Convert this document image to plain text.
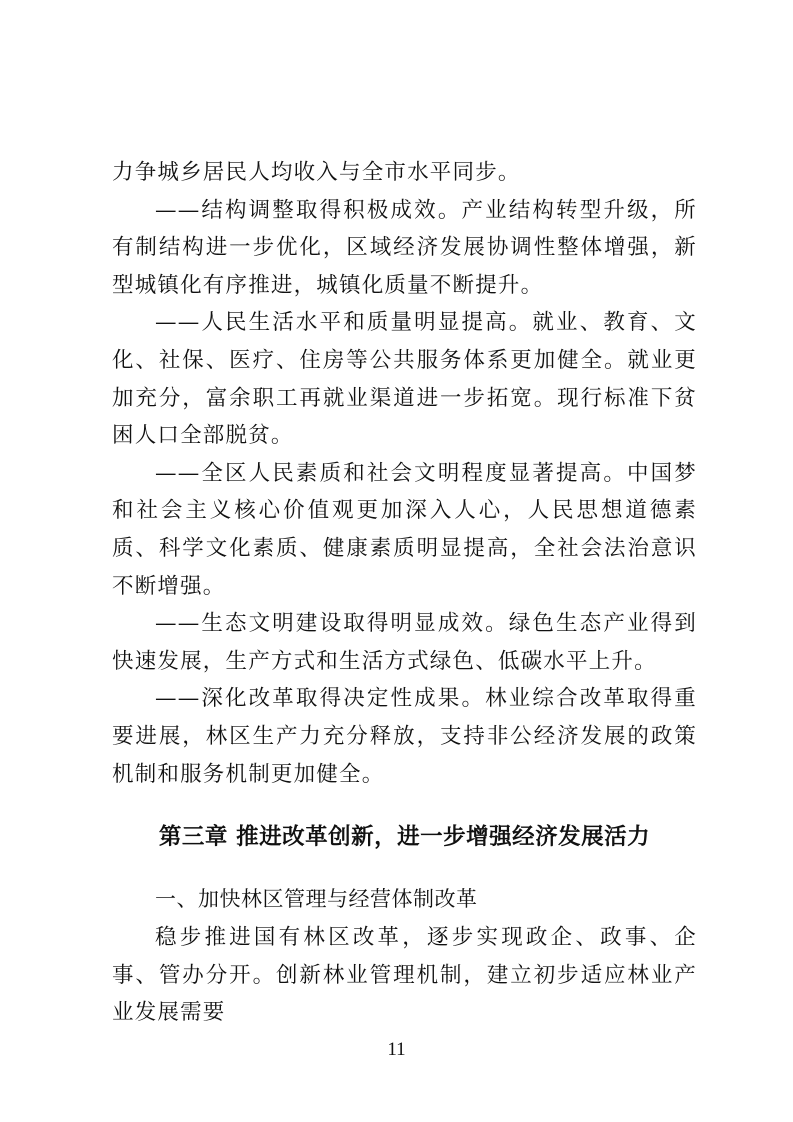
力争城乡居民人均收入与全市水平同步。

——结构调整取得积极成效。产业结构转型升级，所有制结构进一步优化，区域经济发展协调性整体增强，新型城镇化有序推进，城镇化质量不断提升。

——人民生活水平和质量明显提高。就业、教育、文化、社保、医疗、住房等公共服务体系更加健全。就业更加充分，富余职工再就业渠道进一步拓宽。现行标准下贫困人口全部脱贫。

——全区人民素质和社会文明程度显著提高。中国梦和社会主义核心价值观更加深入人心，人民思想道德素质、科学文化素质、健康素质明显提高，全社会法治意识不断增强。

——生态文明建设取得明显成效。绿色生态产业得到快速发展，生产方式和生活方式绿色、低碳水平上升。

——深化改革取得决定性成果。林业综合改革取得重要进展，林区生产力充分释放，支持非公经济发展的政策机制和服务机制更加健全。

第三章 推进改革创新，进一步增强经济发展活力
一、加快林区管理与经营体制改革

稳步推进国有林区改革，逐步实现政企、政事、企事、管办分开。创新林业管理机制，建立初步适应林业产业发展需要

11
